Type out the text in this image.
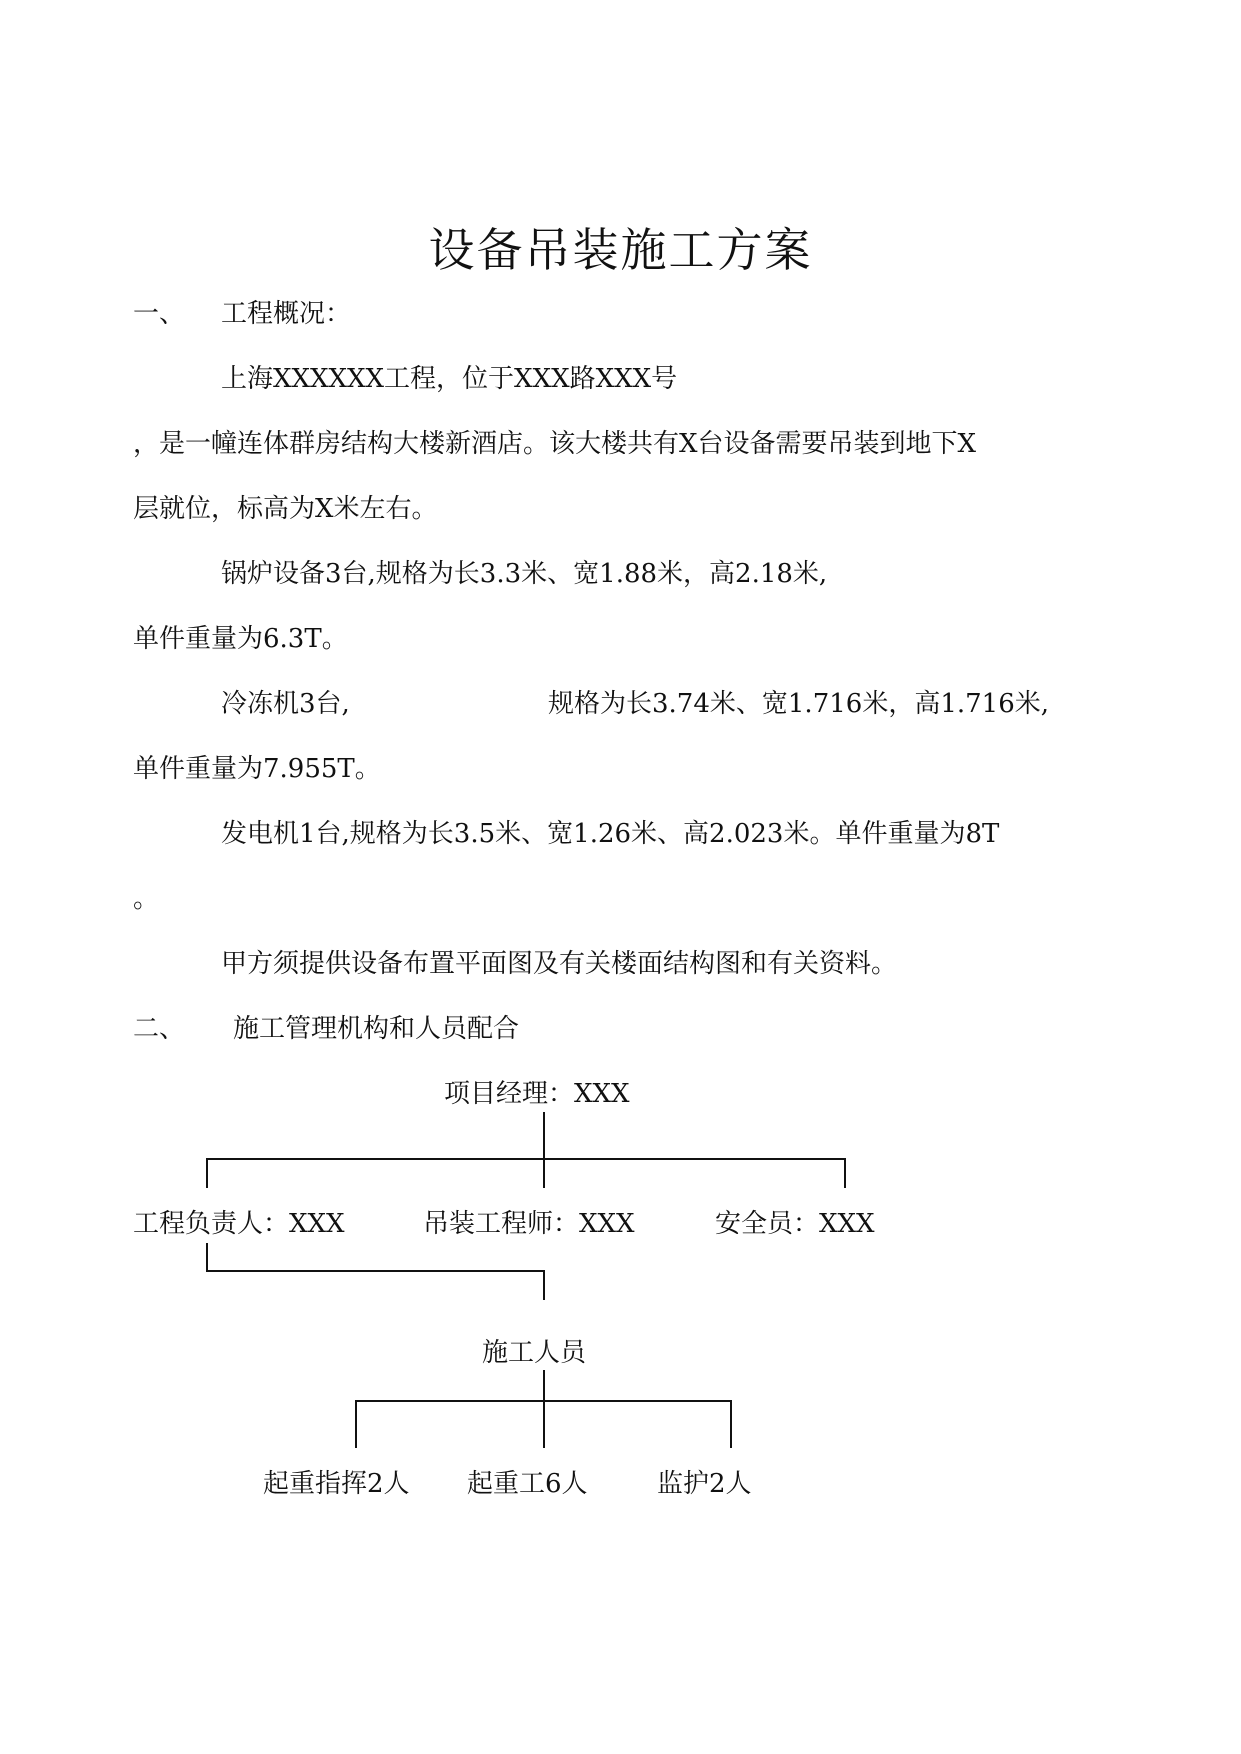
设备吊装施工方案
一、 工程概况：
上海XXXXXX工程，位于XXX路XXX号
，是一幢连体群房结构大楼新酒店。该大楼共有X台设备需要吊装到地下X
层就位，标高为X米左右。
锅炉设备3台,规格为长3.3米、宽1.88米，高2.18米,
单件重量为6.3T。
冷冻机3台,	规格为长3.74米、宽1.716米，高1.716米,
单件重量为7.955T。
发电机1台,规格为长3.5米、宽1.26米、高2.023米。单件重量为8T
。
甲方须提供设备布置平面图及有关楼面结构图和有关资料。
二、 施工管理机构和人员配合
项目经理：XXX
工程负责人：XXX	吊装工程师：XXX	安全员：XXX
施工人员
起重指挥2人 起重工6人	监护2人
